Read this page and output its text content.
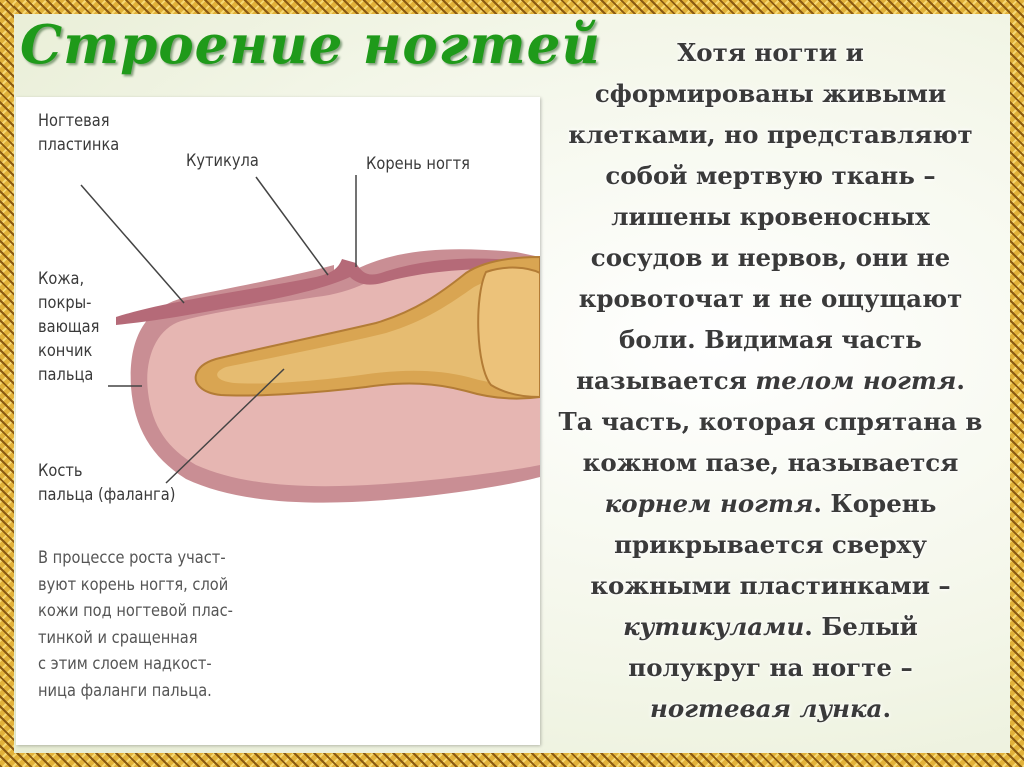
Строение ногтей
Ногтевая
пластинка
Кутикула	Корень ногтя
Кожа,
покры-
вающая
кончик
пальца
Кость
пальца (фаланга)
В процессе роста участ-
вуют корень ногтя, слой
кожи под ногтевой плас-
тинкой и сращенная
с этим слоем надкост-
ница фаланги пальца.
Хотя ногти и
сформированы живыми
клетками, но представляют
собой мертвую ткань –
лишены кровеносных
сосудов и нервов, они не
кровоточат и не ощущают
боли. Видимая часть
называется телом ногтя.
Та часть, которая спрятана в
кожном пазе, называется
корнем ногтя. Корень
прикрывается сверху
кожными пластинками –
кутикулами. Белый
полукруг на ногте –
ногтевая лунка.
